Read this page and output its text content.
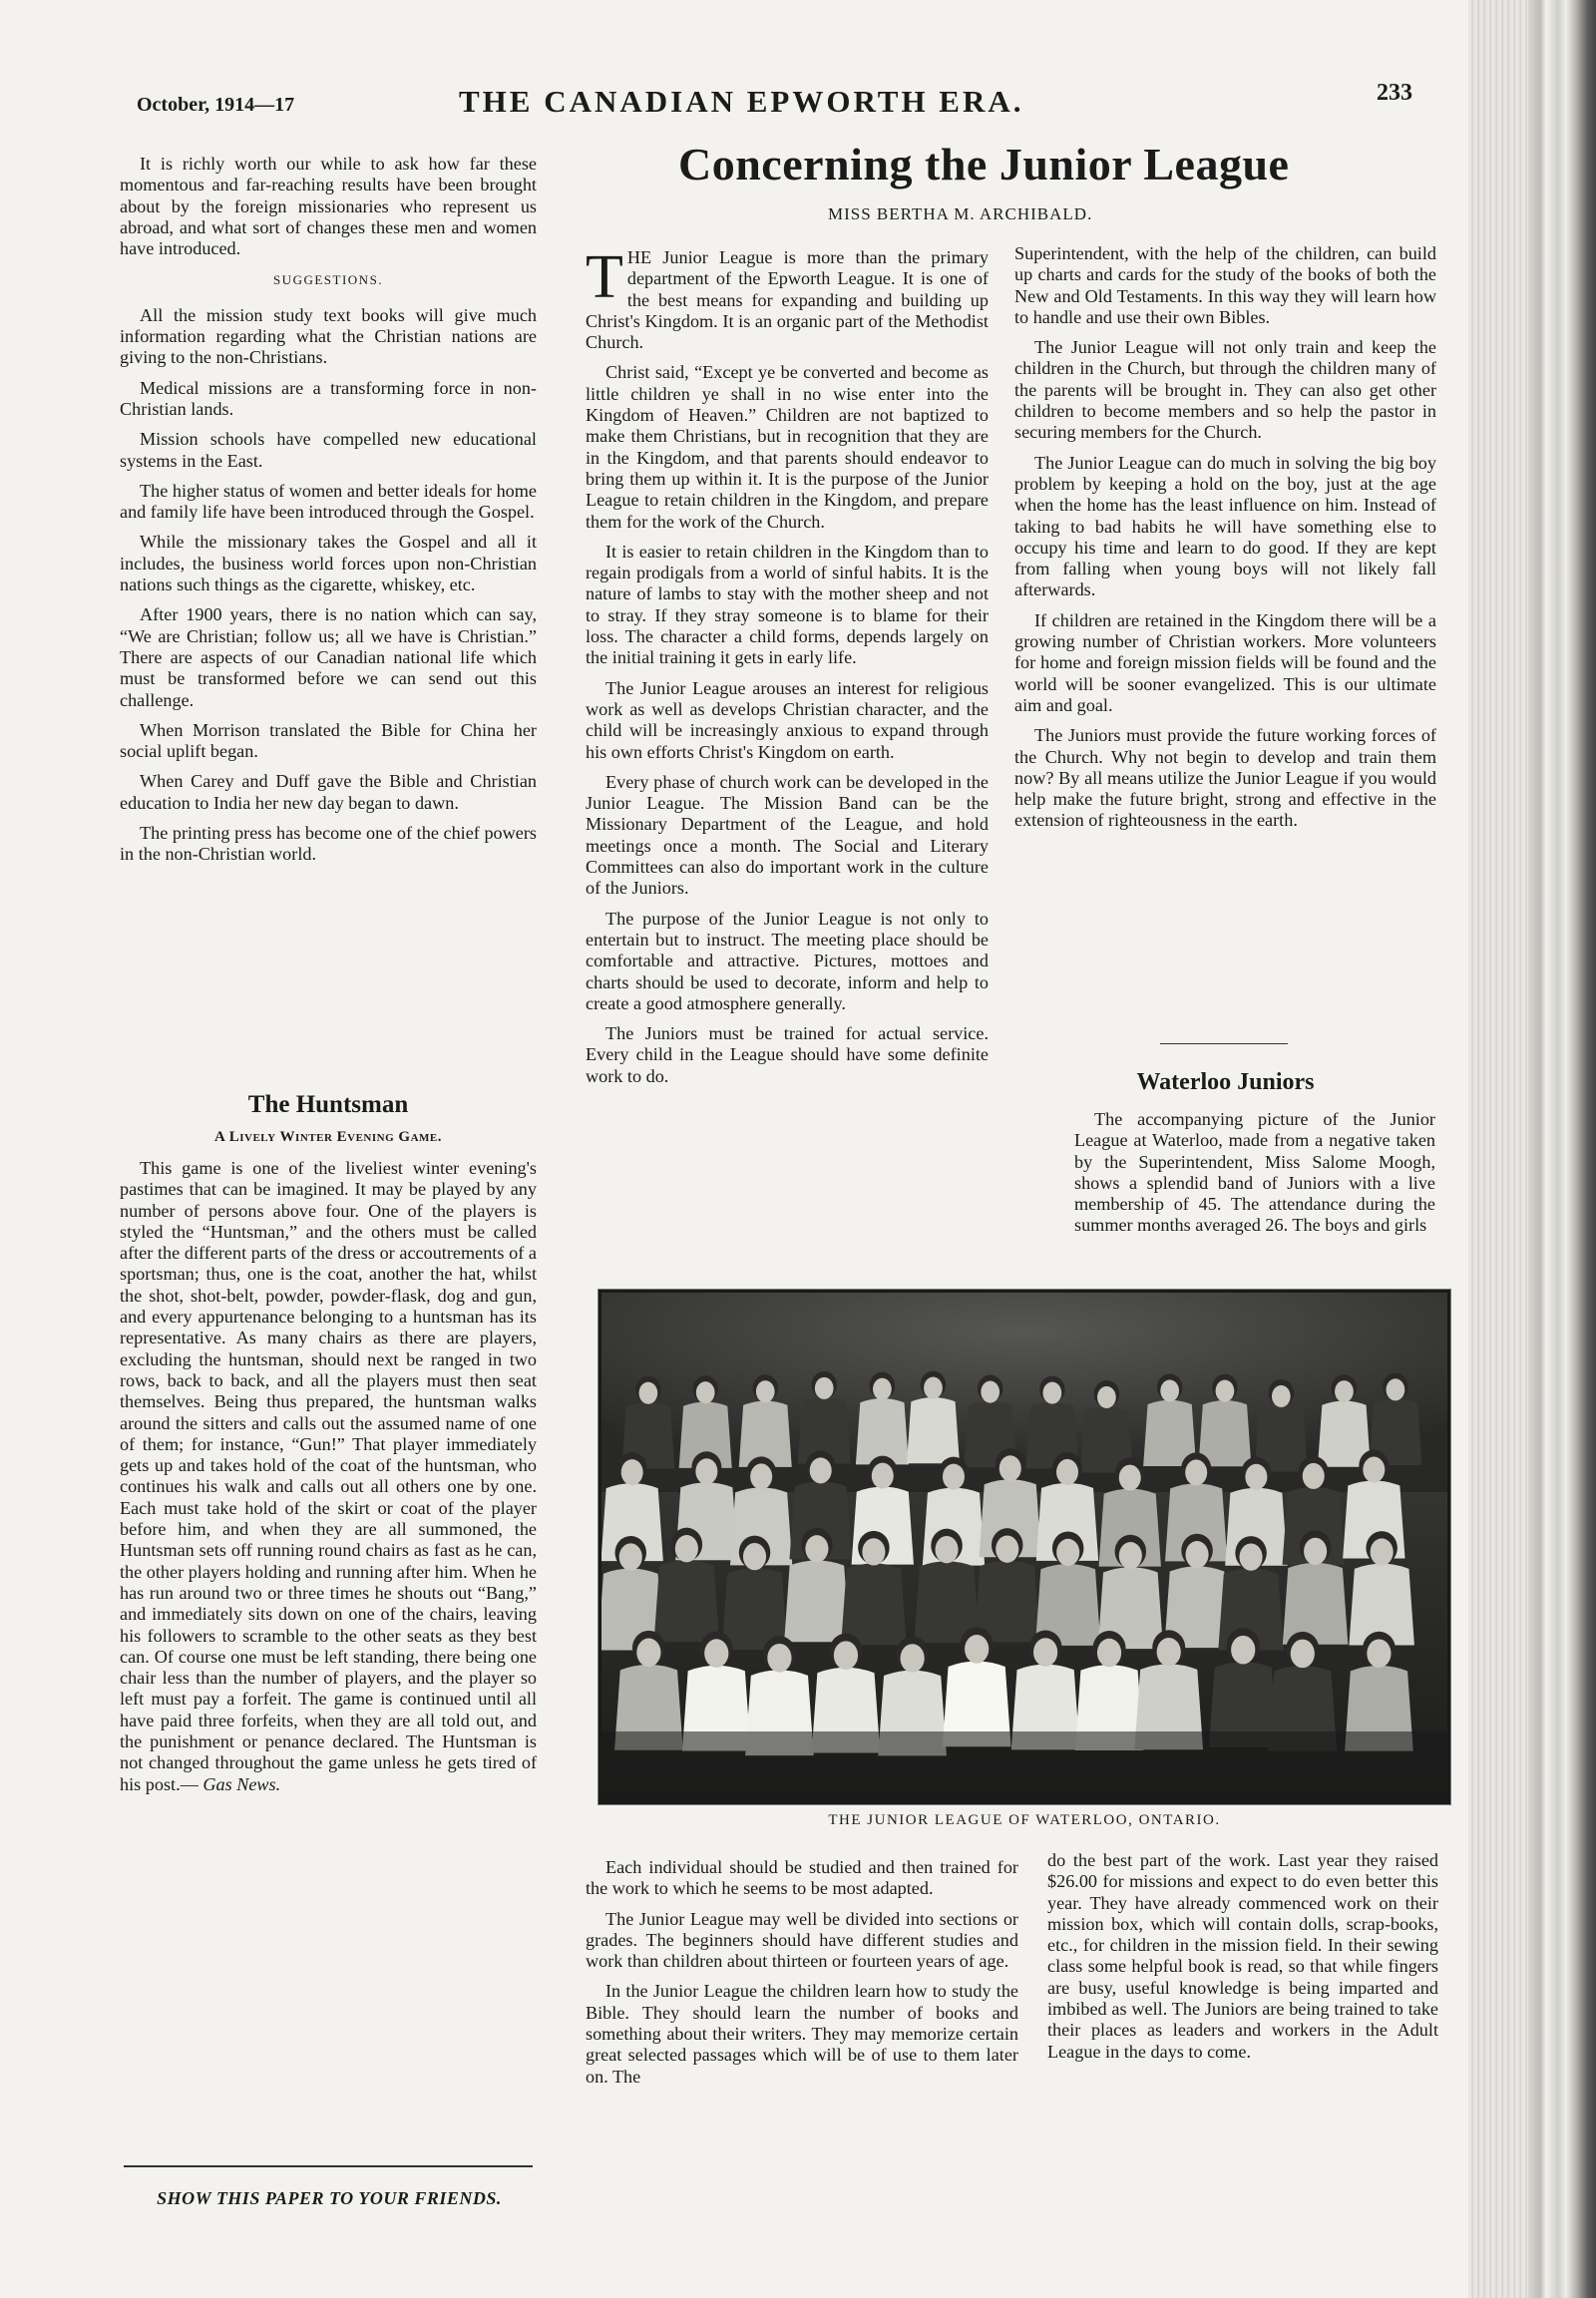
October, 1914—17	THE CANADIAN EPWORTH ERA.	233

It is richly worth our while to ask how far these momentous and far-reaching results have been brought about by the foreign missionaries who represent us abroad, and what sort of changes these men and women have introduced.

SUGGESTIONS.

All the mission study text books will give much information regarding what the Christian nations are giving to the non-Christians.

Medical missions are a transforming force in non-Christian lands.

Mission schools have compelled new educational systems in the East.

The higher status of women and better ideals for home and family life have been introduced through the Gospel.

While the missionary takes the Gospel and all it includes, the business world forces upon non-Christian nations such things as the cigarette, whiskey, etc.

After 1900 years, there is no nation which can say, “We are Christian; follow us; all we have is Christian.” There are aspects of our Canadian national life which must be transformed before we can send out this challenge.

When Morrison translated the Bible for China her social uplift began.

When Carey and Duff gave the Bible and Christian education to India her new day began to dawn.

The printing press has become one of the chief powers in the non-Christian world.

The Huntsman
A Lively Winter Evening Game.

This game is one of the liveliest winter evening's pastimes that can be imagined. It may be played by any number of persons above four. One of the players is styled the “Huntsman,” and the others must be called after the different parts of the dress or accoutrements of a sportsman; thus, one is the coat, another the hat, whilst the shot, shot-belt, powder, powder-flask, dog and gun, and every appurtenance belonging to a huntsman has its representative. As many chairs as there are players, excluding the huntsman, should next be ranged in two rows, back to back, and all the players must then seat themselves. Being thus prepared, the huntsman walks around the sitters and calls out the assumed name of one of them; for instance, “Gun!” That player immediately gets up and takes hold of the coat of the huntsman, who continues his walk and calls out all others one by one. Each must take hold of the skirt or coat of the player before him, and when they are all summoned, the Huntsman sets off running round chairs as fast as he can, the other players holding and running after him. When he has run around two or three times he shouts out “Bang,” and immediately sits down on one of the chairs, leaving his followers to scramble to the other seats as they best can. Of course one must be left standing, there being one chair less than the number of players, and the player so left must pay a forfeit. The game is continued until all have paid three forfeits, when they are all told out, and the punishment or penance declared. The Huntsman is not changed throughout the game unless he gets tired of his post.— Gas News.

SHOW THIS PAPER TO YOUR FRIENDS.
Concerning the Junior League
MISS BERTHA M. ARCHIBALD.

THE Junior League is more than the primary department of the Epworth League. It is one of the best means for expanding and building up Christ's Kingdom. It is an organic part of the Methodist Church.

Christ said, “Except ye be converted and become as little children ye shall in no wise enter into the Kingdom of Heaven.” Children are not baptized to make them Christians, but in recognition that they are in the Kingdom, and that parents should endeavor to bring them up within it. It is the purpose of the Junior League to retain children in the Kingdom, and prepare them for the work of the Church.

It is easier to retain children in the Kingdom than to regain prodigals from a world of sinful habits. It is the nature of lambs to stay with the mother sheep and not to stray. If they stray someone is to blame for their loss. The character a child forms, depends largely on the initial training it gets in early life.

The Junior League arouses an interest for religious work as well as develops Christian character, and the child will be increasingly anxious to expand through his own efforts Christ's Kingdom on earth.

Every phase of church work can be developed in the Junior League. The Mission Band can be the Missionary Department of the League, and hold meetings once a month. The Social and Literary Committees can also do important work in the culture of the Juniors.

The purpose of the Junior League is not only to entertain but to instruct. The meeting place should be comfortable and attractive. Pictures, mottoes and charts should be used to decorate, inform and help to create a good atmosphere generally.

The Juniors must be trained for actual service. Every child in the League should have some definite work to do.

Superintendent, with the help of the children, can build up charts and cards for the study of the books of both the New and Old Testaments. In this way they will learn how to handle and use their own Bibles.

The Junior League will not only train and keep the children in the Church, but through the children many of the parents will be brought in. They can also get other children to become members and so help the pastor in securing members for the Church.

The Junior League can do much in solving the big boy problem by keeping a hold on the boy, just at the age when the home has the least influence on him. Instead of taking to bad habits he will have something else to occupy his time and learn to do good. If they are kept from falling when young boys will not likely fall afterwards.

If children are retained in the Kingdom there will be a growing number of Christian workers. More volunteers for home and foreign mission fields will be found and the world will be sooner evangelized. This is our ultimate aim and goal.

The Juniors must provide the future working forces of the Church. Why not begin to develop and train them now? By all means utilize the Junior League if you would help make the future bright, strong and effective in the extension of righteousness in the earth.

Waterloo Juniors

The accompanying picture of the Junior League at Waterloo, made from a negative taken by the Superintendent, Miss Salome Moogh, shows a splendid band of Juniors with a live membership of 45. The attendance during the summer months averaged 26. The boys and girls

THE JUNIOR LEAGUE OF WATERLOO, ONTARIO.

Each individual should be studied and then trained for the work to which he seems to be most adapted.

The Junior League may well be divided into sections or grades. The beginners should have different studies and work than children about thirteen or fourteen years of age.

In the Junior League the children learn how to study the Bible. They should learn the number of books and something about their writers. They may memorize certain great selected passages which will be of use to them later on. The

do the best part of the work. Last year they raised $26.00 for missions and expect to do even better this year. They have already commenced work on their mission box, which will contain dolls, scrap-books, etc., for children in the mission field. In their sewing class some helpful book is read, so that while fingers are busy, useful knowledge is being imparted and imbibed as well. The Juniors are being trained to take their places as leaders and workers in the Adult League in the days to come.
